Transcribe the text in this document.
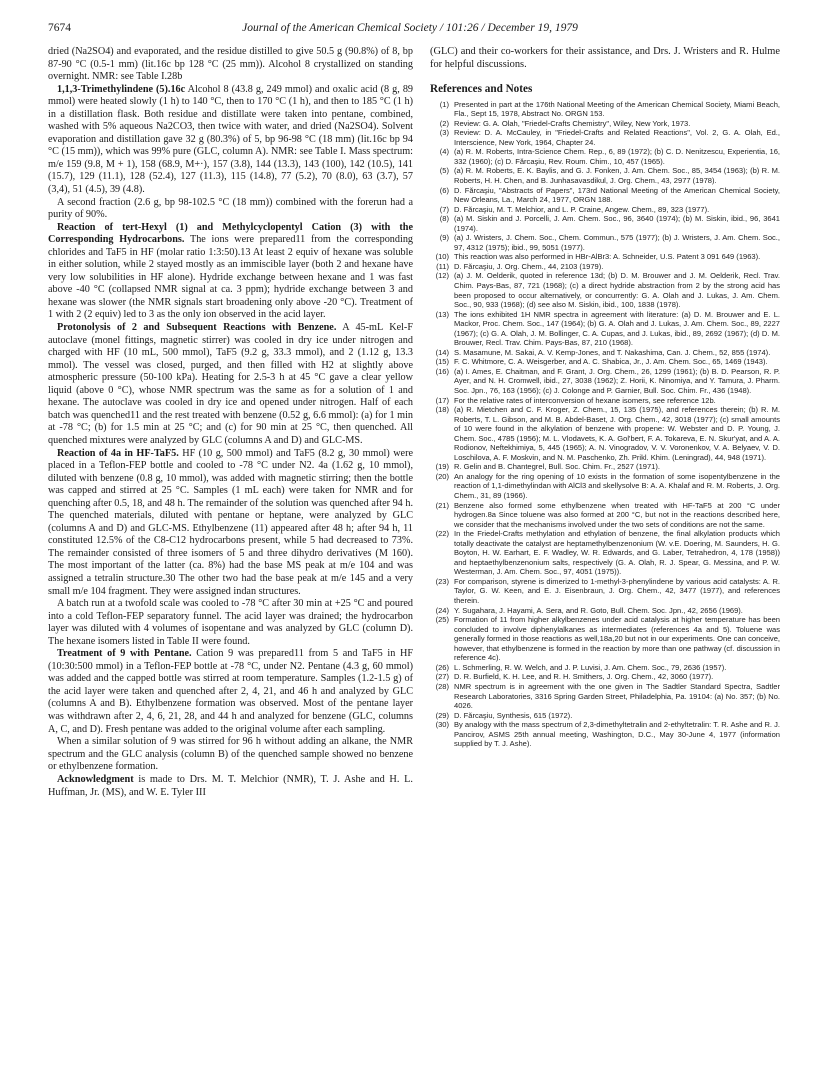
7674	Journal of the American Chemical Society / 101:26 / December 19, 1979

dried (Na2SO4) and evaporated, and the residue distilled to give 50.5 g (90.8%) of 8, bp 87-90 °C (0.5-1 mm) (lit.16c bp 128 °C (25 mm)). Alcohol 8 crystallized on standing overnight. NMR: see Table I.28b

1,1,3-Trimethylindene (5).16c Alcohol 8 (43.8 g, 249 mmol) and oxalic acid (8 g, 89 mmol) were heated slowly (1 h) to 140 °C, then to 170 °C (1 h), and then to 185 °C (1 h) in a distillation flask. Both residue and distillate were taken into pentane, combined, washed with 5% aqueous Na2CO3, then twice with water, and dried (Na2SO4). Solvent evaporation and distillation gave 32 g (80.3%) of 5, bp 96-98 °C (18 mm) (lit.16c bp 94 °C (15 mm)), which was 99% pure (GLC, column A). NMR: see Table I. Mass spectrum: m/e 159 (9.8, M + 1), 158 (68.9, M+·), 157 (3.8), 144 (13.3), 143 (100), 142 (10.5), 141 (15.7), 129 (11.1), 128 (52.4), 127 (11.3), 115 (14.8), 77 (5.2), 70 (8.0), 63 (3.7), 57 (3,4), 51 (4.5), 39 (4.8).

A second fraction (2.6 g, bp 98-102.5 °C (18 mm)) combined with the forerun had a purity of 90%.

Reaction of tert-Hexyl (1) and Methylcyclopentyl Cation (3) with the Corresponding Hydrocarbons. The ions were prepared11 from the corresponding chlorides and TaF5 in HF (molar ratio 1:3:50).13 At least 2 equiv of hexane was soluble in either solution, while 2 stayed mostly as an immiscible layer (both 2 and hexane have very low solubilities in HF alone). Hydride exchange between hexane and 1 was fast above -40 °C (collapsed NMR signal at ca. 3 ppm); hydride exchange between 3 and hexane was slower (the NMR signals start broadening only above -20 °C). Treatment of 1 with 2 (2 equiv) led to 3 as the only ion observed in the acid layer.

Protonolysis of 2 and Subsequent Reactions with Benzene. A 45-mL Kel-F autoclave (monel fittings, magnetic stirrer) was cooled in dry ice under nitrogen and charged with HF (10 mL, 500 mmol), TaF5 (9.2 g, 33.3 mmol), and 2 (1.12 g, 13.3 mmol). The vessel was closed, purged, and then filled with H2 at slightly above atmospheric pressure (50-100 kPa). Heating for 2.5-3 h at 45 °C gave a clear yellow liquid (above 0 °C), whose NMR spectrum was the same as for a solution of 1 and hexane. The autoclave was cooled in dry ice and opened under nitrogen. Half of each batch was quenched11 and the rest treated with benzene (0.52 g, 6.6 mmol): (a) for 1 min at -78 °C; (b) for 1.5 min at 25 °C; and (c) for 90 min at 25 °C, then quenched. All quenched mixtures were analyzed by GLC (columns A and D) and GLC-MS.

Reaction of 4a in HF-TaF5. HF (10 g, 500 mmol) and TaF5 (8.2 g, 30 mmol) were placed in a Teflon-FEP bottle and cooled to -78 °C under N2. 4a (1.62 g, 10 mmol), diluted with benzene (0.8 g, 10 mmol), was added with magnetic stirring; then the bottle was capped and stirred at 25 °C. Samples (1 mL each) were taken for NMR and for quenching after 0.5, 18, and 48 h. The remainder of the solution was quenched after 94 h. The quenched materials, diluted with pentane or heptane, were analyzed by GLC (columns A and D) and GLC-MS. Ethylbenzene (11) appeared after 48 h; after 94 h, 11 constituted 12.5% of the C8-C12 hydrocarbons present, while 5 had decreased to 73%. The remainder consisted of three isomers of 5 and three dihydro derivatives (M 160). The most important of the latter (ca. 8%) had the base MS peak at m/e 104 and was assigned a tetralin structure.30 The other two had the base peak at m/e 145 and a very small m/e 104 fragment. They were assigned indan structures.

A batch run at a twofold scale was cooled to -78 °C after 30 min at +25 °C and poured into a cold Teflon-FEP separatory funnel. The acid layer was drained; the hydrocarbon layer was diluted with 4 volumes of isopentane and was analyzed by GLC (column D). The hexane isomers listed in Table II were found.

Treatment of 9 with Pentane. Cation 9 was prepared11 from 5 and TaF5 in HF (10:30:500 mmol) in a Teflon-FEP bottle at -78 °C, under N2. Pentane (4.3 g, 60 mmol) was added and the capped bottle was stirred at room temperature. Samples (1.2-1.5 g) of the acid layer were taken and quenched after 2, 4, 21, and 46 h and analyzed by GLC (columns A and B). Ethylbenzene formation was observed. Most of the pentane layer was withdrawn after 2, 4, 6, 21, 28, and 44 h and analyzed for benzene (GLC, columns A, C, and D). Fresh pentane was added to the original volume after each sampling.

When a similar solution of 9 was stirred for 96 h without adding an alkane, the NMR spectrum and the GLC analysis (column B) of the quenched sample showed no benzene or ethylbenzene formation.

Acknowledgment is made to Drs. M. T. Melchior (NMR), T. J. Ashe and H. L. Huffman, Jr. (MS), and W. E. Tyler III

(GLC) and their co-workers for their assistance, and Drs. J. Wristers and R. Hulme for helpful discussions.

References and Notes
(1) Presented in part at the 176th National Meeting of the American Chemical Society, Miami Beach, Fla., Sept 15, 1978, Abstract No. ORGN 153.
(2) Review: G. A. Olah, "Friedel-Crafts Chemistry", Wiley, New York, 1973.
(3) Review: D. A. McCauley, in "Friedel-Crafts and Related Reactions", Vol. 2, G. A. Olah, Ed., Interscience, New York, 1964, Chapter 24.
(4) (a) R. M. Roberts, Intra-Science Chem. Rep., 6, 89 (1972); (b) C. D. Nenitzescu, Experientia, 16, 332 (1960); (c) D. Fărcaşiu, Rev. Roum. Chim., 10, 457 (1965).
(5) (a) R. M. Roberts, E. K. Baylis, and G. J. Fonken, J. Am. Chem. Soc., 85, 3454 (1963); (b) R. M. Roberts, H. H. Chen, and B. Junhasavasdikul, J. Org. Chem., 43, 2977 (1978).
(6) D. Fărcaşiu, "Abstracts of Papers", 173rd National Meeting of the American Chemical Society, New Orleans, La., March 24, 1977, ORGN 188.
(7) D. Fărcaşiu, M. T. Melchior, and L. P. Craine, Angew. Chem., 89, 323 (1977).
(8) (a) M. Siskin and J. Porcelli, J. Am. Chem. Soc., 96, 3640 (1974); (b) M. Siskin, ibid., 96, 3641 (1974).
(9) (a) J. Wristers, J. Chem. Soc., Chem. Commun., 575 (1977); (b) J. Wristers, J. Am. Chem. Soc., 97, 4312 (1975); ibid., 99, 5051 (1977).
(10) This reaction was also performed in HBr-AlBr3: A. Schneider, U.S. Patent 3 091 649 (1963).
(11) D. Fărcaşiu, J. Org. Chem., 44, 2103 (1979).
(12) (a) J. M. Oelderik, quoted in reference 13d; (b) D. M. Brouwer and J. M. Oelderik, Recl. Trav. Chim. Pays-Bas, 87, 721 (1968); (c) a direct hydride abstraction from 2 by the strong acid has been proposed to occur alternatively, or concurrently: G. A. Olah and J. Lukas, J. Am. Chem. Soc., 90, 933 (1968); (d) see also M. Siskin, ibid., 100, 1838 (1978).
(13) The ions exhibited 1H NMR spectra in agreement with literature: (a) D. M. Brouwer and E. L. Mackor, Proc. Chem. Soc., 147 (1964); (b) G. A. Olah and J. Lukas, J. Am. Chem. Soc., 89, 2227 (1967); (c) G. A. Olah, J. M. Bollinger, C. A. Cupas, and J. Lukas, ibid., 89, 2692 (1967); (d) D. M. Brouwer, Recl. Trav. Chim. Pays-Bas, 87, 210 (1968).
(14) S. Masamune, M. Sakai, A. V. Kemp-Jones, and T. Nakashima, Can. J. Chem., 52, 855 (1974).
(15) F. C. Whitmore, C. A. Weisgerber, and A. C. Shabica, Jr., J. Am. Chem. Soc., 65, 1469 (1943).
(16) (a) I. Ames, E. Chaitman, and F. Grant, J. Org. Chem., 26, 1299 (1961); (b) B. D. Pearson, R. P. Ayer, and N. H. Cromwell, ibid., 27, 3038 (1962); Z. Horii, K. Ninomiya, and Y. Tamura, J. Pharm. Soc. Jpn., 76, 163 (1956); (c) J. Colonge and P. Garnier, Bull. Soc. Chim. Fr., 436 (1948).
(17) For the relative rates of interconversion of hexane isomers, see reference 12b.
(18) (a) R. Mietchen and C. F. Kroger, Z. Chem., 15, 135 (1975), and references therein; (b) R. M. Roberts, T. L. Gibson, and M. B. Abdel-Baset, J. Org. Chem., 42, 3018 (1977); (c) small amounts of 10 were found in the alkylation of benzene with propene: W. Webster and D. P. Young, J. Chem. Soc., 4785 (1956); M. L. Vlodavets, K. A. Gol'bert, F. A. Tokareva, E. N. Skur'yat, and A. A. Rodionov, Neftekhimiya, 5, 445 (1965); A. N. Vinogradov, V. V. Voronenkov, V. A. Belyaev, V. D. Loschilova, A. F. Moskvin, and N. M. Paschenko, Zh. Prikl. Khim. (Leningrad), 44, 948 (1971).
(19) R. Gelin and B. Chantegrel, Bull. Soc. Chim. Fr., 2527 (1971).
(20) An analogy for the ring opening of 10 exists in the formation of some isopentylbenzene in the reaction of 1,1-dimethylindan with AlCl3 and skellysolve B: A. A. Khalaf and R. M. Roberts, J. Org. Chem., 31, 89 (1966).
(21) Benzene also formed some ethylbenzene when treated with HF-TaF5 at 200 °C under hydrogen.8a Since toluene was also formed at 200 °C, but not in the reactions described here, we consider that the mechanisms involved under the two sets of conditions are not the same.
(22) In the Friedel-Crafts methylation and ethylation of benzene, the final alkylation products which totally deactivate the catalyst are heptamethylbenzenonium (W. v.E. Doering, M. Saunders, H. G. Boyton, H. W. Earhart, E. F. Wadley, W. R. Edwards, and G. Laber, Tetrahedron, 4, 178 (1958)) and heptaethylbenzenonium salts, respectively (G. A. Olah, R. J. Spear, G. Messina, and P. W. Westerman, J. Am. Chem. Soc., 97, 4051 (1975)).
(23) For comparison, styrene is dimerized to 1-methyl-3-phenylindene by various acid catalysts: A. R. Taylor, G. W. Keen, and E. J. Eisenbraun, J. Org. Chem., 42, 3477 (1977), and references therein.
(24) Y. Sugahara, J. Hayami, A. Sera, and R. Goto, Bull. Chem. Soc. Jpn., 42, 2656 (1969).
(25) Formation of 11 from higher alkylbenzenes under acid catalysis at higher temperature has been concluded to involve diphenylalkanes as intermediates (references 4a and 5). Toluene was generally formed in those reactions as well,18a,20 but not in our experiments. One can conceive, however, that ethylbenzene is formed in the reaction by more than one pathway (cf. discussion in reference 4c).
(26) L. Schmerling, R. W. Welch, and J. P. Luvisi, J. Am. Chem. Soc., 79, 2636 (1957).
(27) D. R. Burfield, K. H. Lee, and R. H. Smithers, J. Org. Chem., 42, 3060 (1977).
(28) NMR spectrum is in agreement with the one given in The Sadtler Standard Spectra, Sadtler Research Laboratories, 3316 Spring Garden Street, Philadelphia, Pa. 19104: (a) No. 357; (b) No. 4026.
(29) D. Fărcaşiu, Synthesis, 615 (1972).
(30) By analogy with the mass spectrum of 2,3-dimethyltetralin and 2-ethyltetralin: T. R. Ashe and R. J. Pancirov, ASMS 25th annual meeting, Washington, D.C., May 30-June 4, 1977 (information supplied by T. J. Ashe).
